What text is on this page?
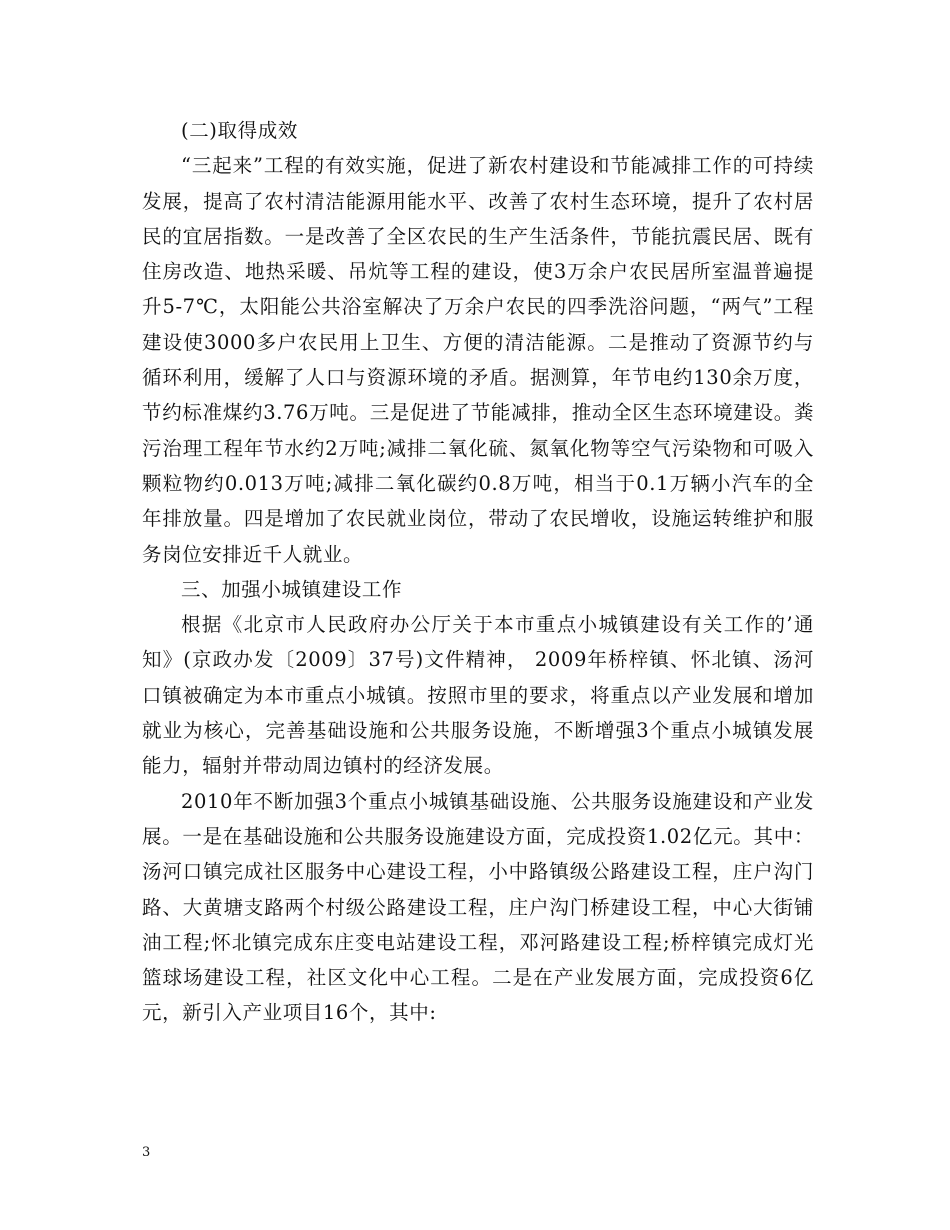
(二)取得成效

“三起来”工程的有效实施，促进了新农村建设和节能减排工作的可持续发展，提高了农村清洁能源用能水平、改善了农村生态环境，提升了农村居民的宜居指数。一是改善了全区农民的生产生活条件，节能抗震民居、既有住房改造、地热采暖、吊炕等工程的建设，使3万余户农民居所室温普遍提升5-7℃，太阳能公共浴室解决了万余户农民的四季洗浴问题，“两气”工程建设使3000多户农民用上卫生、方便的清洁能源。二是推动了资源节约与循环利用，缓解了人口与资源环境的矛盾。据测算，年节电约130余万度，节约标准煤约3.76万吨。三是促进了节能减排，推动全区生态环境建设。粪污治理工程年节水约2万吨;减排二氧化硫、氮氧化物等空气污染物和可吸入颗粒物约0.013万吨;减排二氧化碳约0.8万吨，相当于0.1万辆小汽车的全年排放量。四是增加了农民就业岗位，带动了农民增收，设施运转维护和服务岗位安排近千人就业。

三、加强小城镇建设工作

根据《北京市人民政府办公厅关于本市重点小城镇建设有关工作的’通知》(京政办发〔2009〕37号)文件精神， 2009年桥梓镇、怀北镇、汤河口镇被确定为本市重点小城镇。按照市里的要求，将重点以产业发展和增加就业为核心，完善基础设施和公共服务设施，不断增强3个重点小城镇发展能力，辐射并带动周边镇村的经济发展。

2010年不断加强3个重点小城镇基础设施、公共服务设施建设和产业发展。一是在基础设施和公共服务设施建设方面，完成投资1.02亿元。其中：汤河口镇完成社区服务中心建设工程，小中路镇级公路建设工程，庄户沟门路、大黄塘支路两个村级公路建设工程，庄户沟门桥建设工程，中心大街铺油工程;怀北镇完成东庄变电站建设工程，邓河路建设工程;桥梓镇完成灯光篮球场建设工程，社区文化中心工程。二是在产业发展方面，完成投资6亿元，新引入产业项目16个，其中:

3
